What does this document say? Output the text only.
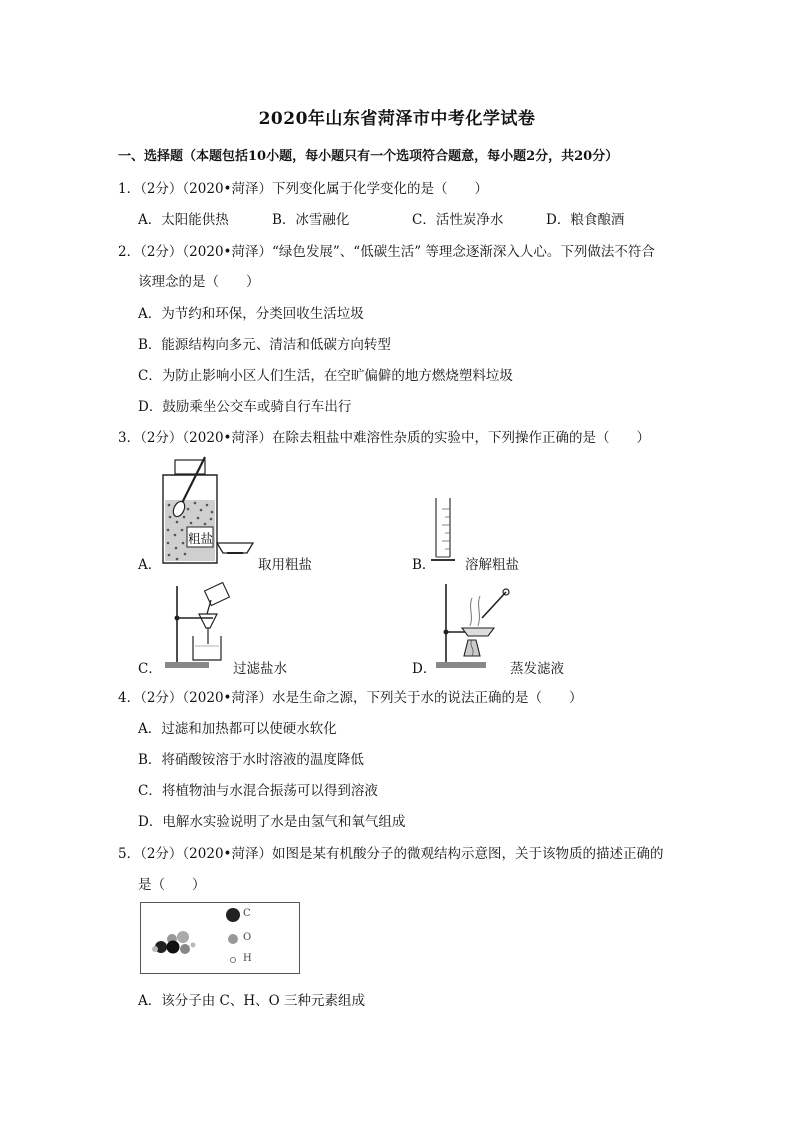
2020年山东省菏泽市中考化学试卷
一、选择题（本题包括10小题，每小题只有一个选项符合题意，每小题2分，共20分）
1．（2分）（2020•菏泽）下列变化属于化学变化的是（　　）
A．太阳能供热	B．冰雪融化	C．活性炭净水	D．粮食酿酒
2．（2分）（2020•菏泽）“绿色发展”、“低碳生活” 等理念逐渐深入人心。下列做法不符合
该理念的是（　　）
A．为节约和环保，分类回收生活垃圾
B．能源结构向多元、清洁和低碳方向转型
C．为防止影响小区人们生活，在空旷偏僻的地方燃烧塑料垃圾
D．鼓励乘坐公交车或骑自行车出行
3．（2分）（2020•菏泽）在除去粗盐中难溶性杂质的实验中，下列操作正确的是（　　）
粗盐
A．	取用粗盐	B． 溶解粗盐
C．	过滤盐水	D．	蒸发滤液
4．（2分）（2020•菏泽）水是生命之源，下列关于水的说法正确的是（　　）
A．过滤和加热都可以使硬水软化
B．将硝酸铵溶于水时溶液的温度降低
C．将植物油与水混合振荡可以得到溶液
D．电解水实验说明了水是由氢气和氧气组成
5．（2分）（2020•菏泽）如图是某有机酸分子的微观结构示意图，关于该物质的描述正确的
是（　　）
C
O
H
A．该分子由 C、H、O 三种元素组成
